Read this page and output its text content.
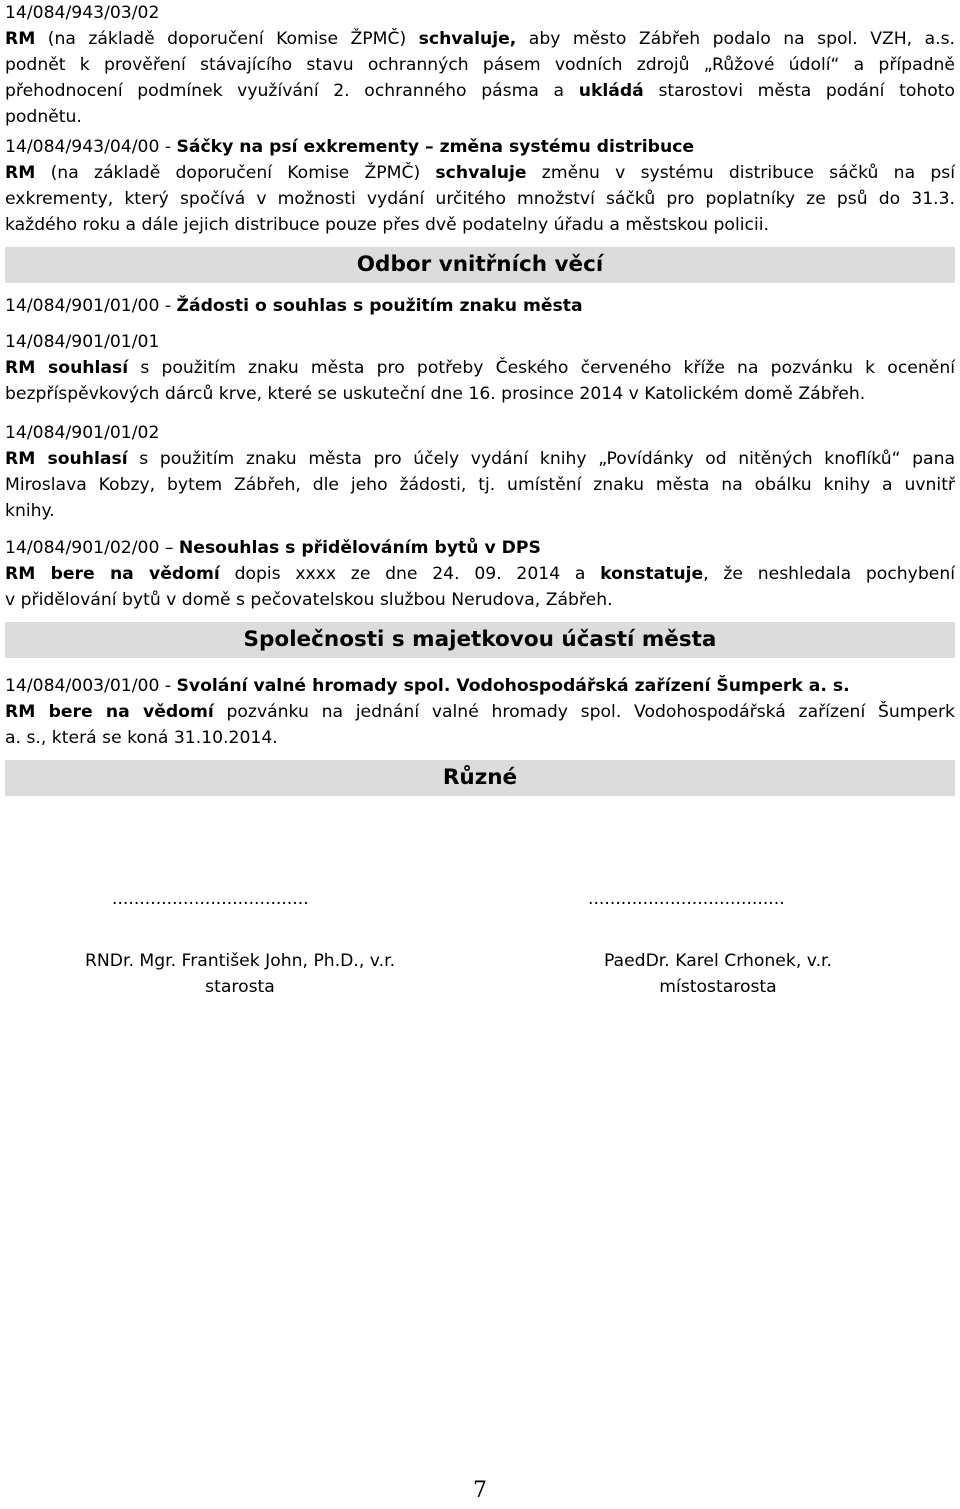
14/084/943/03/02
RM (na základě doporučení Komise ŽPMČ) schvaluje, aby město Zábřeh podalo na spol. VZH, a.s.
podnět k prověření stávajícího stavu ochranných pásem vodních zdrojů „Růžové údolí“ a případně
přehodnocení podmínek využívání 2. ochranného pásma a ukládá starostovi města podání tohoto
podnětu.
14/084/943/04/00 - Sáčky na psí exkrementy – změna systému distribuce
RM (na základě doporučení Komise ŽPMČ) schvaluje změnu v systému distribuce sáčků na psí
exkrementy, který spočívá v možnosti vydání určitého množství sáčků pro poplatníky ze psů do 31.3.
každého roku a dále jejich distribuce pouze přes dvě podatelny úřadu a městskou policii.
Odbor vnitřních věcí
14/084/901/01/00 - Žádosti o souhlas s použitím znaku města
14/084/901/01/01
RM souhlasí s použitím znaku města pro potřeby Českého červeného kříže na pozvánku k ocenění
bezpříspěvkových dárců krve, které se uskuteční dne 16. prosince 2014 v Katolickém domě Zábřeh.
14/084/901/01/02
RM souhlasí s použitím znaku města pro účely vydání knihy „Povídánky od nitěných knoflíků“ pana
Miroslava Kobzy, bytem Zábřeh, dle jeho žádosti, tj. umístění znaku města na obálku knihy a uvnitř
knihy.
14/084/901/02/00 – Nesouhlas s přidělováním bytů v DPS
RM bere na vědomí dopis xxxx ze dne 24. 09. 2014 a konstatuje, že neshledala pochybení
v přidělování bytů v domě s pečovatelskou službou Nerudova, Zábřeh.
Společnosti s majetkovou účastí města
14/084/003/01/00 - Svolání valné hromady spol. Vodohospodářská zařízení Šumperk a. s.
RM bere na vědomí pozvánku na jednání valné hromady spol. Vodohospodářská zařízení Šumperk
a. s., která se koná 31.10.2014.
Různé
....................................
RNDr. Mgr. František John, Ph.D., v.r.
starosta
....................................
PaedDr. Karel Crhonek, v.r.
místostarosta
7
